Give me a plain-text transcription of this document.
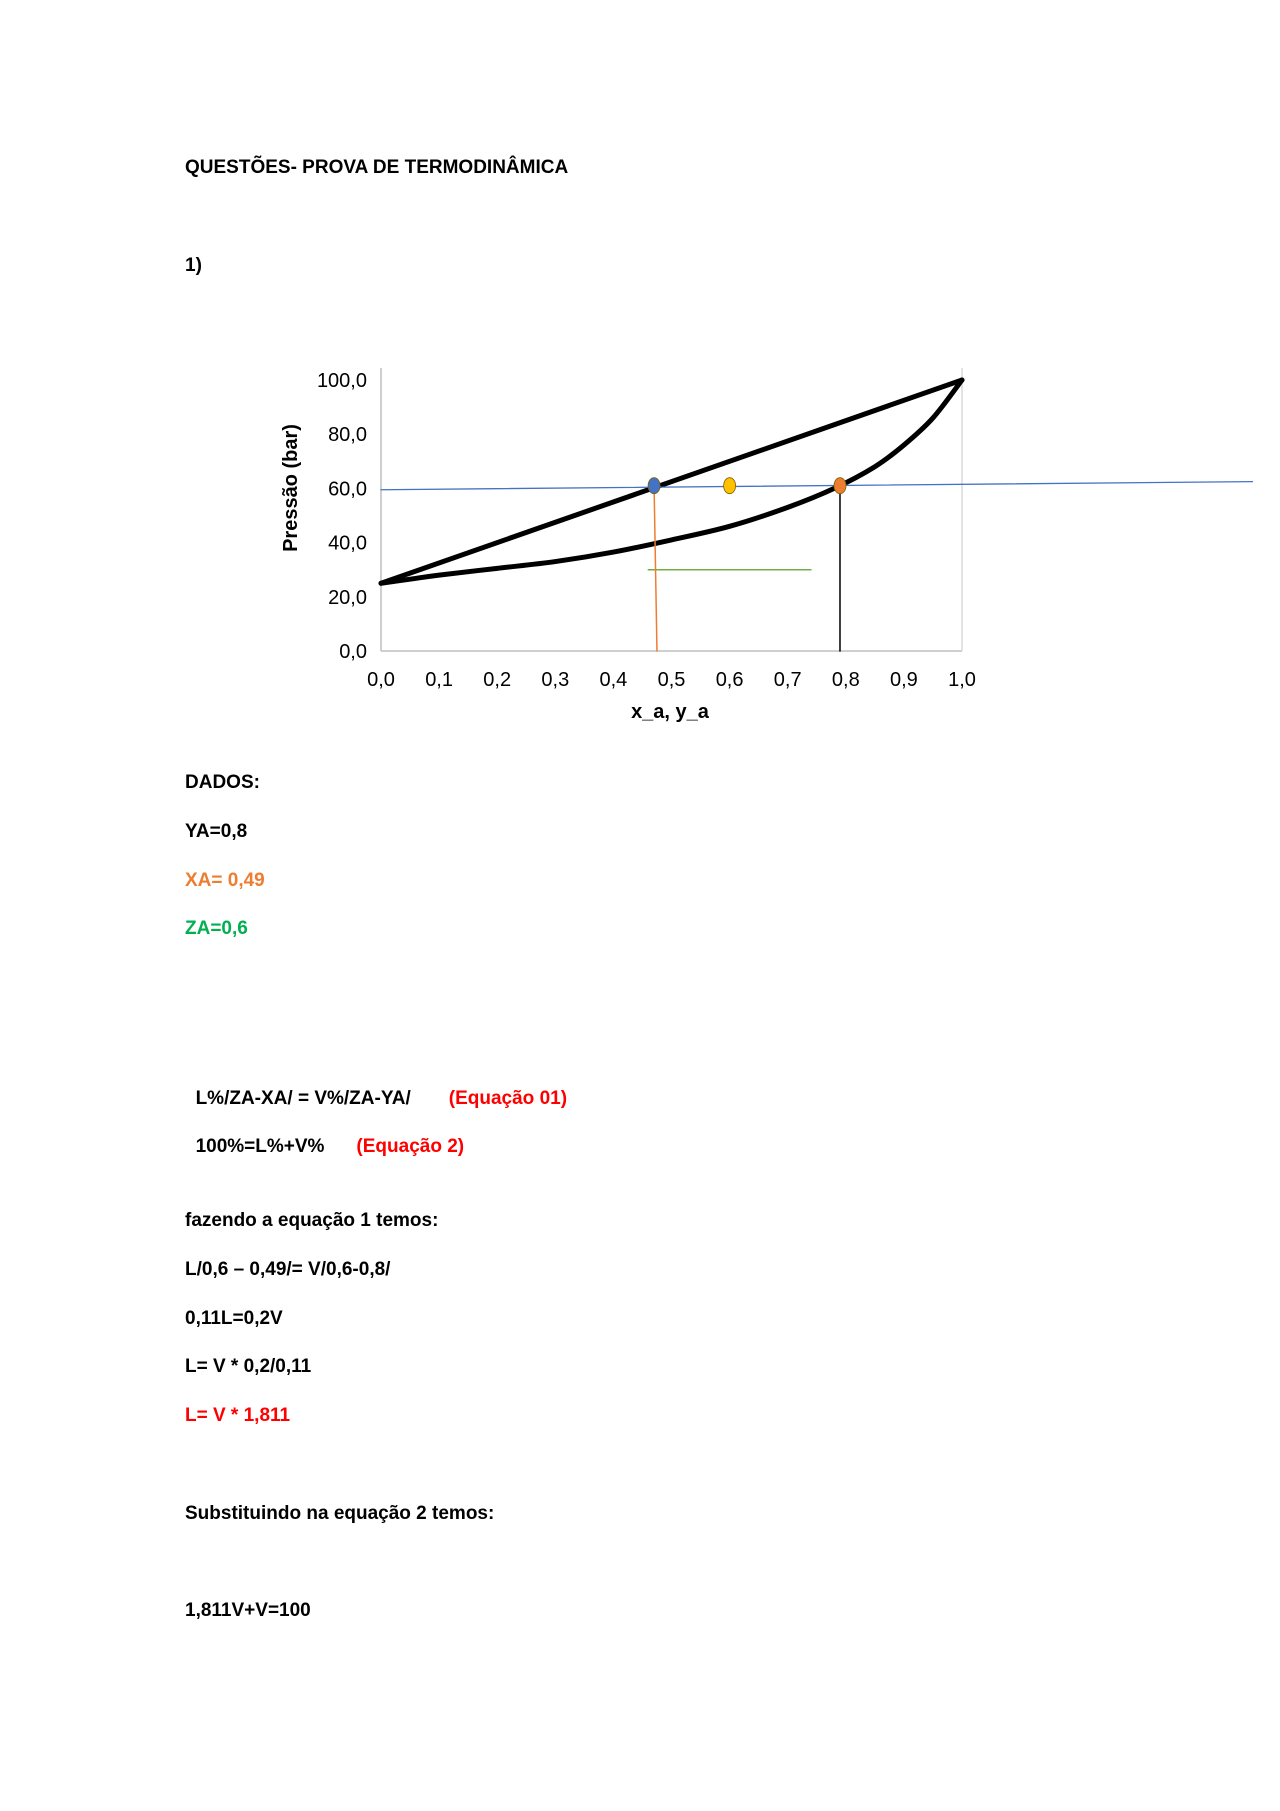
QUESTÕES- PROVA DE TERMODINÂMICA
1)
0,0
20,0
40,0
60,0
80,0
100,0
0,0 0,1 0,2 0,3 0,4 0,5 0,6 0,7 0,8 0,9 1,0
Pressão (bar)
x_a, y_a
DADOS:
YA=0,8
XA= 0,49
ZA=0,6

L%/ZA-XA/ = V%/ZA-YA/ (Equação 01)

100%=L%+V% (Equação 2)

fazendo a equação 1 temos:
L/0,6 – 0,49/= V/0,6-0,8/
0,11L=0,2V
L= V * 0,2/0,11
L= V * 1,811
Substituindo na equação 2 temos:
1,811V+V=100
